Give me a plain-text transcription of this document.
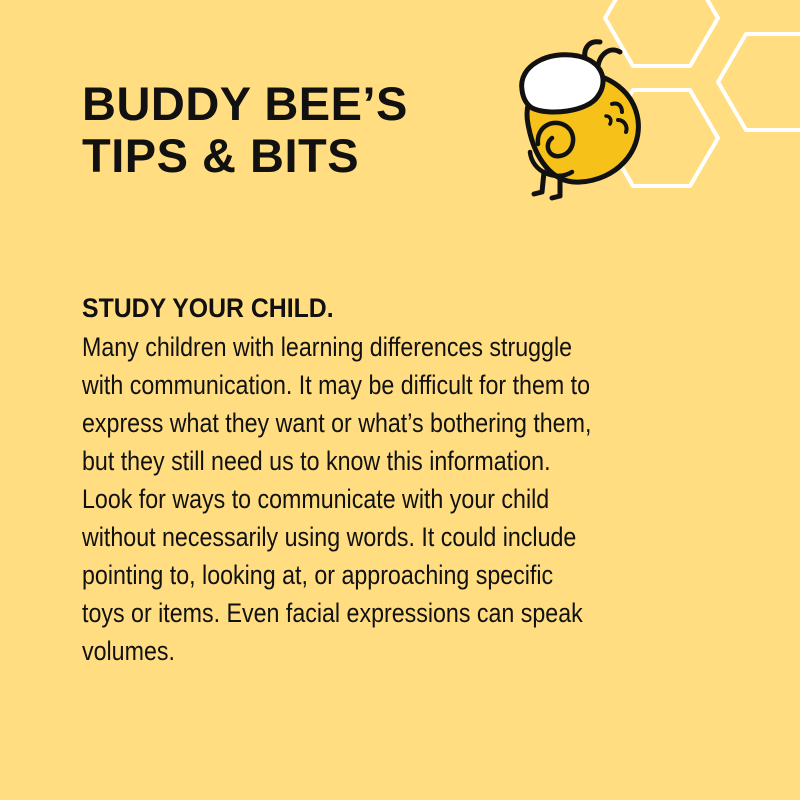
BUDDY BEE’S
TIPS & BITS
STUDY YOUR CHILD.

Many children with learning differences struggle

with communication. It may be difficult for them to

express what they want or what’s bothering them,

but they still need us to know this information.

Look for ways to communicate with your child

without necessarily using words. It could include

pointing to, looking at, or approaching specific

toys or items. Even facial expressions can speak

volumes.
